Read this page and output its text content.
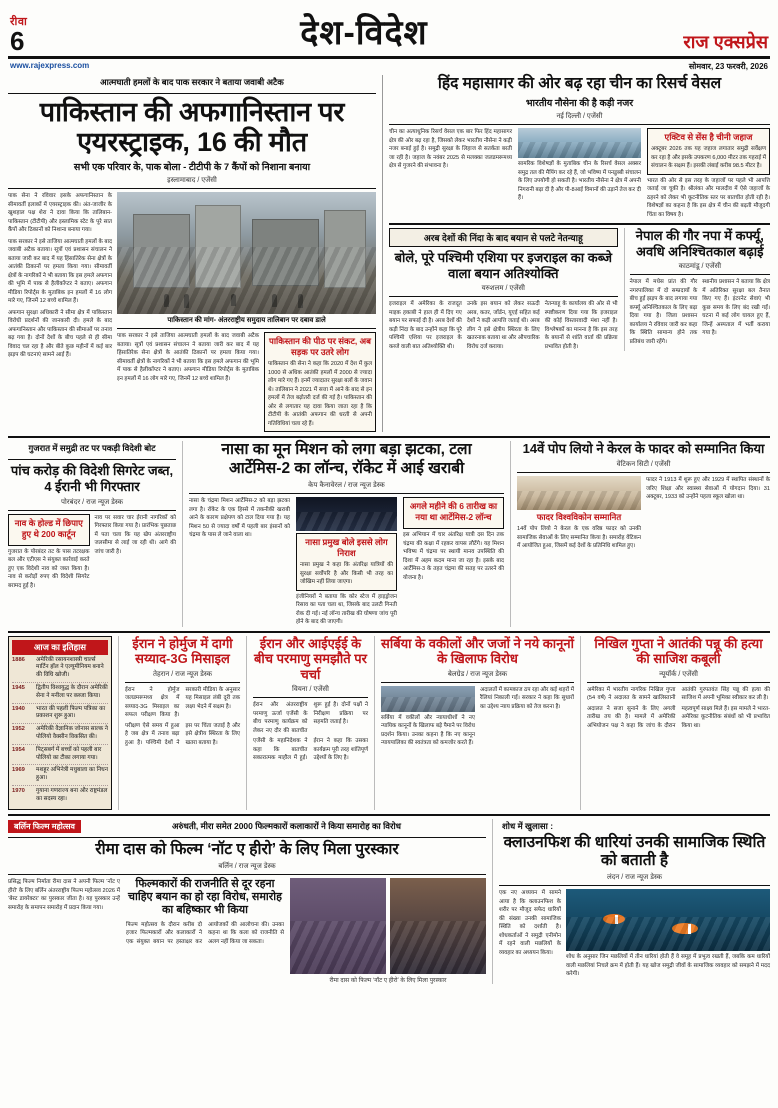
रीवा
6	देश-विदेश	राज एक्सप्रेस
www.rajexpress.com	सोमवार, 23 फरवरी, 2026
आत्मघाती हमलों के बाद पाक सरकार ने बताया जवाबी अटैक
पाकिस्तान की अफगानिस्तान पर एयरस्ट्राइक, 16 की मौत
सभी एक परिवार के, पाक बोला - टीटीपी के 7 कैंपों को निशाना बनाया
इस्लामाबाद / एजेंसी
पाक सेना ने रविवार इसके अफगानिस्तान के सीमावर्ती इलाकों में एयरस्ट्राइक की। अंत-जाजीर के खुशहाल पक्ष शेरा ने दावा किया कि तालिबान-पाकिस्तान (टीटीपी) और इस्लामिक स्टेट के पूरे सात कैंपों और ठिकानों को निशाना बनाया गया।
पाक सरकार ने इसे ताजिया आत्मघाती हमलों के बाद जवाबी अटैक बताया। सूत्रों एवं प्रशासन संचालन ने बताया जारी कर बाद में यह हिंसातिरेक सेना क्षेत्रों के आतंकी ठिकानों पर हमला किया गया। सीमावर्ती क्षेत्रों के नागरिकों ने भी बताया कि इस हमले अफगान की भूमि में पाक से हैलीकॉप्टर ने बताए। अफगान मीडिया रिपोर्ट्स के मुताबिक इन हमलों में 16 लोग मारे गए, जिनमें 12 बच्चे शामिल हैं।
अफगान सुरक्षा अधिकारी ने सीमा क्षेत्र में पाकिस्तान विरोधी प्रदर्शनों की जानकारी दी। हमले के बाद अफगानिस्तान और पाकिस्तान की सीमाओं पर तनाव बढ़ गया है। दोनों देशों के बीच पहले से ही सीमा विवाद चल रहा है और बीते कुछ महीनों में कई बार झड़प की घटनाएं सामने आई हैं।
पाकिस्तान की मांग- अंतरराष्ट्रीय समुदाय तालिबान पर दबाव डाले
पाक सरकार ने इसे ताजिया आत्मघाती हमलों के बाद जवाबी अटैक बताया। सूत्रों एवं प्रशासन संचालन ने बताया जारी कर बाद में यह हिंसातिरेक सेना क्षेत्रों के आतंकी ठिकानों पर हमला किया गया। सीमावर्ती क्षेत्रों के नागरिकों ने भी बताया कि इस हमले अफगान की भूमि में पाक से हैलीकॉप्टर ने बताए। अफगान मीडिया रिपोर्ट्स के मुताबिक इन हमलों में 16 लोग मारे गए, जिनमें 12 बच्चे शामिल हैं।
पाकिस्तान की पीठ पर संकट, अब सड़क पर उतरे लोग
पाकिस्तान की सेना ने कहा कि 2020 में देश में कुल 1000 से अधिक आतंकी हमलों में 2000 से ज्यादा लोग मारे गए हैं। इनमें ज्यादातर सुरक्षा बलों के जवान थे। तालिबान ने 2021 में सत्ता में आने के बाद से इन हमलों में तेज बढ़ोतरी दर्ज की गई है। पाकिस्तान की ओर से लगातार यह दावा किया जाता रहा है कि टीटीपी के आतंकी अफगान की धरती से अपनी गतिविधियां चला रहे हैं।
हिंद महासागर की ओर बढ़ रहा चीन का रिसर्च वेसल
भारतीय नौसेना की है कड़ी नजर
नई दिल्ली / एजेंसी
चीन का अत्याधुनिक रिसर्च वेसल एक बार फिर हिंद महासागर क्षेत्र की ओर बढ़ रहा है, जिसको लेकर भारतीय नौसेना ने कड़ी नजर बनाई हुई है। समुद्री सुरक्षा के लिहाज से सतर्कता बरती जा रही है। जहाज के नवंबर 2025 से मलक्का जलडमरूमध्य क्षेत्र से गुजरने की संभावना है।	सामरिक विशेषज्ञों के मुताबिक चीन के रिसर्च वेसल अक्सर समुद्र तल की मैपिंग कर रहे हैं, जो भविष्य में पनडुब्बी संचालन के लिए उपयोगी हो सकती है। भारतीय नौसेना ने क्षेत्र में अपनी निगरानी बढ़ा दी है और पी-8आई विमानों की उड़ानें तेज कर दी हैं।
एक्टिव से सेंस है चीनी जहाज
अक्टूबर 2026 तक यह जहाज लगातार समुद्री सर्वेक्षण कर रहा है और इसके उपकरण 6,000 मीटर तक गहराई में संचालन के सक्षम हैं। इसकी लंबाई करीब 98.5 मीटर है।
भारत की ओर से इस तरह के जहाजों पर पहले भी आपत्ति जताई जा चुकी है। श्रीलंका और मालदीव में ऐसे जहाजों के ठहरने को लेकर भी कूटनीतिक स्तर पर बातचीत होती रही है। विशेषज्ञों का कहना है कि इस क्षेत्र में चीन की बढ़ती मौजूदगी चिंता का विषय है।
अरब देशों की निंदा के बाद बयान से पलटे नेतन्याहू
बोले, पूरे पश्चिमी एशिया पर इजराइल का कब्जे वाला बयान अतिश्योक्ति
यरुशलम / एजेंसी
इजराइल में अमेरिका के राजदूत माइक हकाबी ने हाल ही में दिए गए बयान पर सफाई दी है। अरब देशों की कड़ी निंदा के बाद उन्होंने कहा कि पूरे पश्चिमी एशिया पर इजराइल के कब्जे वाली बात अतिश्योक्ति थी।
उनके इस बयान को लेकर सऊदी अरब, कतर, जॉर्डन, यूएई सहित कई देशों ने कड़ी आपत्ति जताई थी। अरब लीग ने इसे क्षेत्रीय स्थिरता के लिए खतरनाक बताया था और औपचारिक विरोध दर्ज कराया।
नेतन्याहू के कार्यालय की ओर से भी स्पष्टीकरण दिया गया कि इजराइल की कोई विस्तारवादी मंशा नहीं है। विश्लेषकों का मानना है कि इस तरह के बयानों से शांति वार्ता की प्रक्रिया प्रभावित होती है।
नेपाल की गौर नपा में कर्फ्यू, अवधि अनिश्चितकाल बढ़ाई
काठमांडू / एजेंसी
नेपाल में मधेस प्रांत की गौर नगरपालिका में दो सम्प्रदायों के बीच हुई झड़प के बाद लगाया गया कर्फ्यू अनिश्चितकाल के लिए बढ़ा दिया गया है। जिला प्रशासन कार्यालय ने रविवार जारी कर कहा कि स्थिति सामान्य होने तक प्रतिबंध जारी रहेंगे।
स्थानीय प्रशासन ने बताया कि क्षेत्र में अतिरिक्त सुरक्षा बल तैनात किए गए हैं। इंटरनेट सेवाएं भी कुछ समय के लिए बंद रखी गईं। घटना में कई लोग घायल हुए हैं, जिन्हें अस्पताल में भर्ती कराया गया है।
गुजरात में समुद्री तट पर पकड़ी विदेशी बोट
पांच करोड़ की विदेशी सिगरेट जब्त, 4 ईरानी भी गिरफ्तार
पोरबंदर / राज न्यूज डेस्क
नाव के होल्ड में छिपाए हुए थे 200 कार्टून
गुजरात के पोरबंदर तट के पास तटरक्षक बल और एटीएस ने संयुक्त कार्रवाई करते हुए एक विदेशी नाव को जब्त किया है। नाव से करोड़ों रुपए की विदेशी सिगरेट बरामद हुई है।
नाव पर सवार चार ईरानी नागरिकों को गिरफ्तार किया गया है। प्रारंभिक पूछताछ में पता चला कि यह खेप अंतरराष्ट्रीय जलसीमा से लाई जा रही थी। आगे की जांच जारी है।
नासा का मून मिशन को लगा बड़ा झटका, टला आर्टेमिस-2 का लॉन्च, रॉकेट में आई खराबी
केप कैनावेरल / राज न्यूज डेस्क
नासा के चंद्रमा मिशन आर्टेमिस-2 को बड़ा झटका लगा है। रॉकेट के एक हिस्से में तकनीकी खराबी आने के कारण प्रक्षेपण को टाल दिया गया है। यह मिशन 50 से ज्यादा वर्षों में पहली बार इंसानों को चंद्रमा के पास ले जाने वाला था।
नासा प्रमुख बोले इससे लोग निराश
नासा प्रमुख ने कहा कि अंतरिक्ष यात्रियों की सुरक्षा सर्वोपरि है और किसी भी तरह का जोखिम नहीं लिया जाएगा।
इंजीनियरों ने बताया कि कोर स्टेज में हाइड्रोजन रिसाव का पता चला था, जिसके बाद उलटी गिनती रोक दी गई। नई लॉन्च तारीख की घोषणा जांच पूरी होने के बाद की जाएगी।
अगले महीने की 6 तारीख का नया था आर्टेमिस-2 लॉन्च
इस अभियान में चार अंतरिक्ष यात्री दस दिन तक चंद्रमा की कक्षा में रहकर वापस लौटेंगे। यह मिशन भविष्य में चंद्रमा पर स्थायी मानव उपस्थिति की दिशा में अहम कदम माना जा रहा है। इसके बाद आर्टेमिस-3 के तहत चंद्रमा की सतह पर उतरने की योजना है।
14वें पोप लियो ने केरल के फादर को सम्मानित किया
वेटिकन सिटी / एजेंसी
फादर विश्वविकोन सम्मानित
14वें पोप लियो ने केरल के एक वरिष्ठ फादर को उनकी सामाजिक सेवाओं के लिए सम्मानित किया है। समारोह वेटिकन में आयोजित हुआ, जिसमें कई देशों के प्रतिनिधि शामिल हुए।
फादर ने 1913 में शुरू हुए और 1929 में स्थापित संस्थानों के जरिए शिक्षा और स्वास्थ्य सेवाओं में योगदान दिया। 31 अक्टूबर, 1933 को उन्होंने पहला स्कूल खोला था।
आज का इतिहास
1886	अमेरिकी रसायनशास्त्री चार्ल्स मार्टिन हॉल ने एल्यूमीनियम बनाने की विधि खोजी।
1945	द्वितीय विश्वयुद्ध के दौरान अमेरिकी सेना ने मनीला पर कब्जा किया।
1940	भारत की पहली फिल्म पत्रिका का प्रकाशन शुरू हुआ।
1952	अमेरिकी वैज्ञानिक जोनास साल्क ने पोलियो वैक्सीन विकसित की।
1954	पिट्सबर्ग में बच्चों को पहली बार पोलियो का टीका लगाया गया।
1969	मशहूर अभिनेत्री मधुबाला का निधन हुआ।
1970	गुयाना गणराज्य बना और राष्ट्रमंडल का सदस्य रहा।
ईरान ने होर्मुज में दागी सय्याद-3G मिसाइल
तेहरान / राज न्यूज डेस्क
ईरान ने होर्मुज जलडमरूमध्य क्षेत्र में सय्याद-3G मिसाइल का सफल परीक्षण किया है। सरकारी मीडिया के अनुसार यह मिसाइल लंबी दूरी तक लक्ष्य भेदने में सक्षम है।
परीक्षण ऐसे समय में हुआ है जब क्षेत्र में तनाव बढ़ा हुआ है। पश्चिमी देशों ने इस पर चिंता जताई है और इसे क्षेत्रीय स्थिरता के लिए खतरा बताया है।
ईरान और आईएईई के बीच परमाणु समझौते पर चर्चा
वियना / एजेंसी
ईरान और अंतरराष्ट्रीय परमाणु ऊर्जा एजेंसी के बीच परमाणु कार्यक्रम को लेकर नए दौर की बातचीत शुरू हुई है। दोनों पक्षों ने निरीक्षण प्रक्रिया पर सहमति जताई है।
एजेंसी के महानिदेशक ने कहा कि बातचीत सकारात्मक माहौल में हुई। ईरान ने कहा कि उसका कार्यक्रम पूरी तरह शांतिपूर्ण उद्देश्यों के लिए है।
सर्बिया के वकीलों और जजों ने नये कानूनों के खिलाफ विरोध
बेलग्रेड / राज न्यूज डेस्क
सर्बिया में वकीलों और न्यायाधीशों ने नए न्यायिक कानूनों के खिलाफ बड़े पैमाने पर विरोध प्रदर्शन किया। उनका कहना है कि नए कानून न्यायपालिका की स्वतंत्रता को कमजोर करते हैं।
अदालतों में कामकाज ठप रहा और कई शहरों में रैलियां निकाली गईं। सरकार ने कहा कि सुधारों का उद्देश्य न्याय प्रक्रिया को तेज करना है।
निखिल गुप्ता ने आतंकी पन्नू की हत्या की साजिश कबूली
न्यूयॉर्क / एजेंसी
अमेरिका में भारतीय नागरिक निखिल गुप्ता (54 वर्ष) ने अदालत के सामने खालिस्तानी आतंकी गुरपतवंत सिंह पन्नू की हत्या की साजिश में अपनी भूमिका स्वीकार कर ली है।
अदालत ने सजा सुनाने के लिए अगली तारीख तय की है। मामले में अमेरिकी अभियोजन पक्ष ने कहा कि जांच के दौरान महत्वपूर्ण साक्ष्य मिले हैं। इस मामले ने भारत-अमेरिका कूटनीतिक संबंधों को भी प्रभावित किया था।
बर्लिन फिल्म महोत्सव	अरुंधती, मीरा समेत 2000 फिल्मकारों कलाकारों ने किया समारोह का विरोध
रीमा दास को फिल्म ‘नॉट ए हीरो’ के लिए मिला पुरस्कार
बर्लिन / राज न्यूज डेस्क
प्रसिद्ध फिल्म निर्माता रीमा दास ने अपनी फिल्म ‘नॉट ए हीरो’ के लिए बर्लिन अंतरराष्ट्रीय फिल्म महोत्सव 2026 में ‘बेस्ट डायरेक्टर’ का पुरस्कार जीता है। यह पुरस्कार उन्हें समारोह के समापन समारोह में प्रदान किया गया।
फिल्मकारों की राजनीति से दूर रहना चाहिए बयान का हो रहा विरोध, समारोह का बहिष्कार भी किया
फिल्म महोत्सव के दौरान करीब दो हजार फिल्मकारों और कलाकारों ने एक संयुक्त बयान पर हस्ताक्षर कर आयोजकों की आलोचना की। उनका कहना था कि कला को राजनीति से अलग नहीं किया जा सकता।
रीमा दास को फिल्म ‘नॉट ए हीरो’ के लिए मिला पुरस्कार
शोध में खुलासा :
क्लाउनफिश की धारियां उनकी सामाजिक स्थिति को बताती है
लंदन / राज न्यूज डेस्क
एक नए अध्ययन में सामने आया है कि क्लाउनफिश के शरीर पर मौजूद सफेद धारियों की संख्या उनकी सामाजिक स्थिति को दर्शाती है। शोधकर्ताओं ने समुद्री एनीमोन में रहने वाली मछलियों के व्यवहार का अध्ययन किया।
शोध के अनुसार जिन मछलियों में तीन धारियां होती हैं वे समूह में प्रभुत्व रखती हैं, जबकि कम धारियों वाली मछलियां निचले क्रम में होती हैं। यह खोज समुद्री जीवों के सामाजिक व्यवहार को समझने में मदद करेगी।
